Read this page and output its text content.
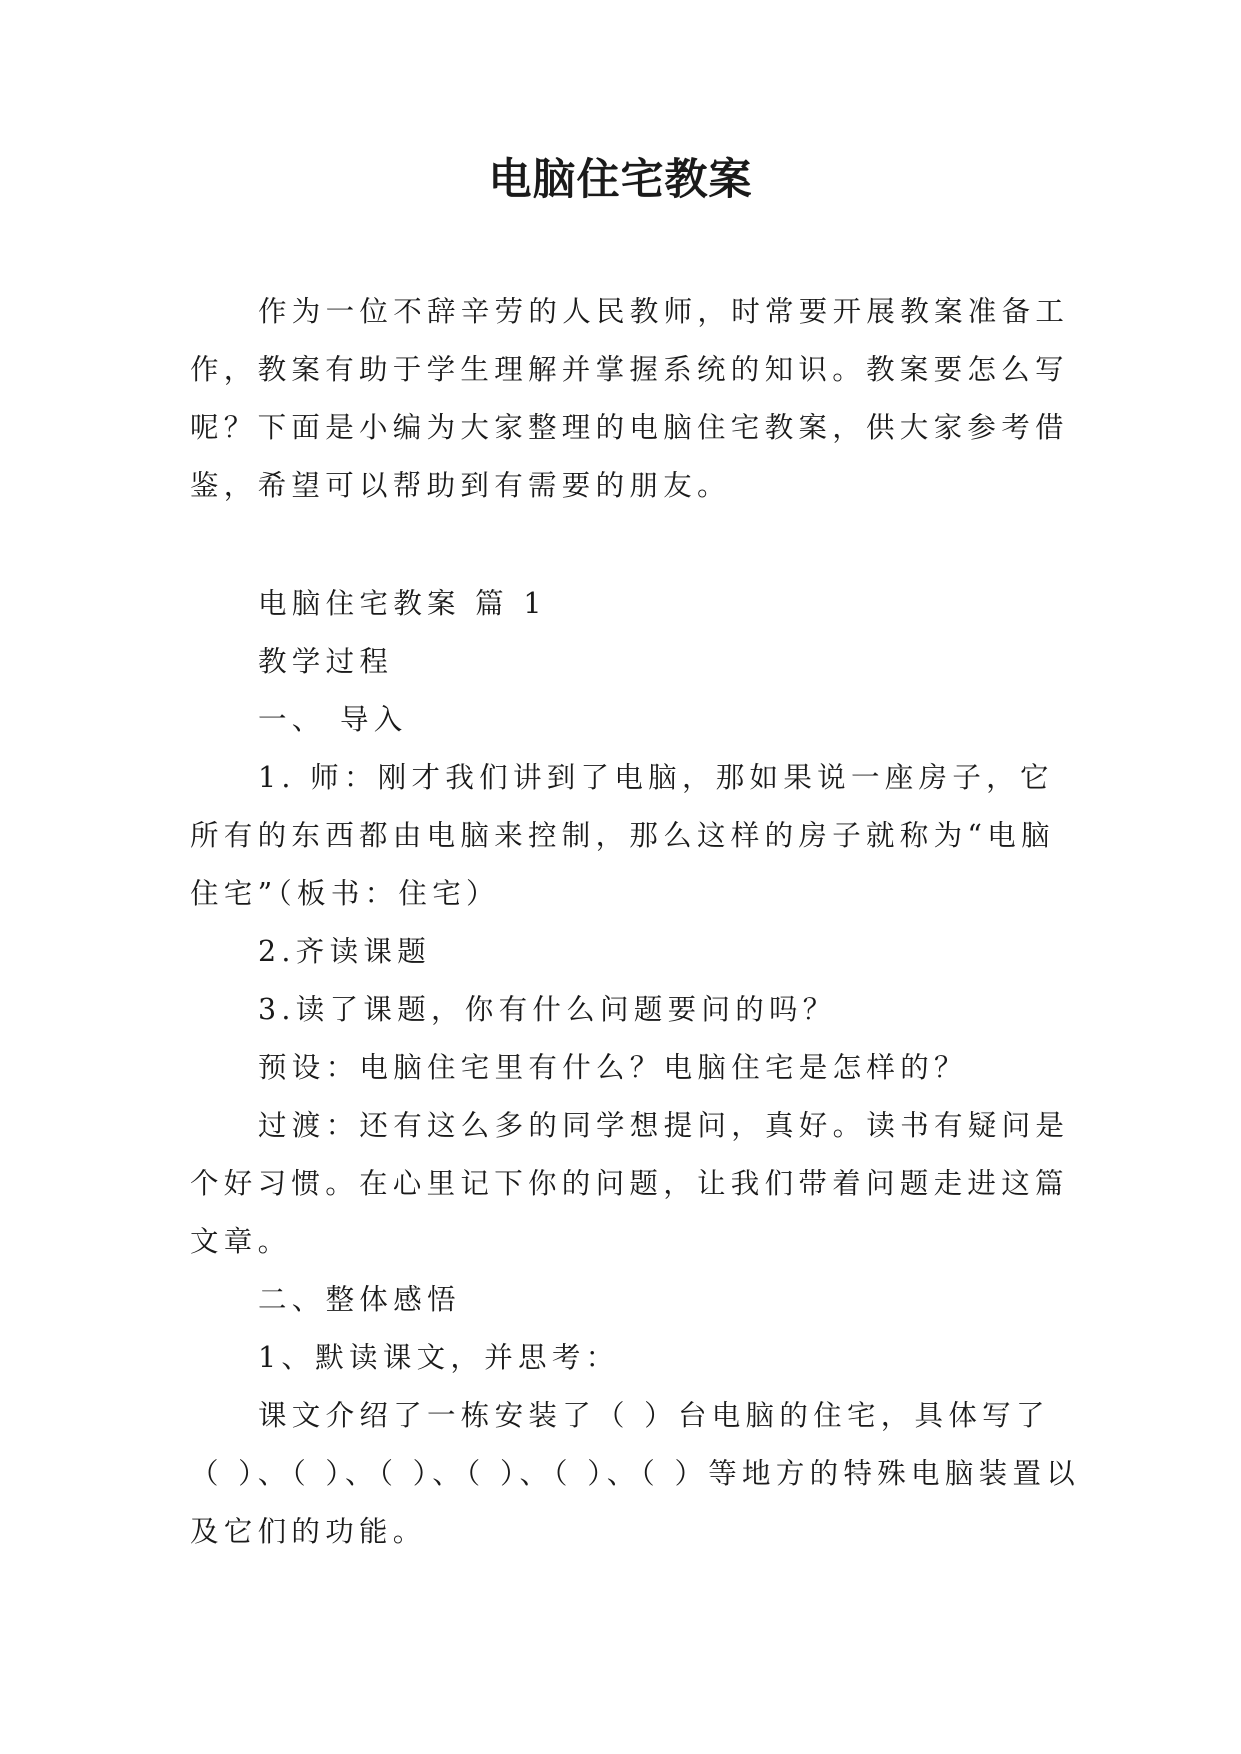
电脑住宅教案

作为一位不辞辛劳的人民教师，时常要开展教案准备工

作，教案有助于学生理解并掌握系统的知识。教案要怎么写

呢？下面是小编为大家整理的电脑住宅教案，供大家参考借

鉴，希望可以帮助到有需要的朋友。

电脑住宅教案 篇 1

教学过程

一、 导入

1. 师：刚才我们讲到了电脑，那如果说一座房子，它

所有的东西都由电脑来控制，那么这样的房子就称为“电脑

住宅”（板书：住宅）

2.齐读课题

3.读了课题，你有什么问题要问的吗？

预设：电脑住宅里有什么？电脑住宅是怎样的？

过渡：还有这么多的同学想提问，真好。读书有疑问是

个好习惯。在心里记下你的问题，让我们带着问题走进这篇

文章。

二、整体感悟

1、默读课文，并思考：

课文介绍了一栋安装了（ ）台电脑的住宅，具体写了

（ ）、（ ）、（ ）、（ ）、（ ）、（ ）等地方的特殊电脑装置以

及它们的功能。
